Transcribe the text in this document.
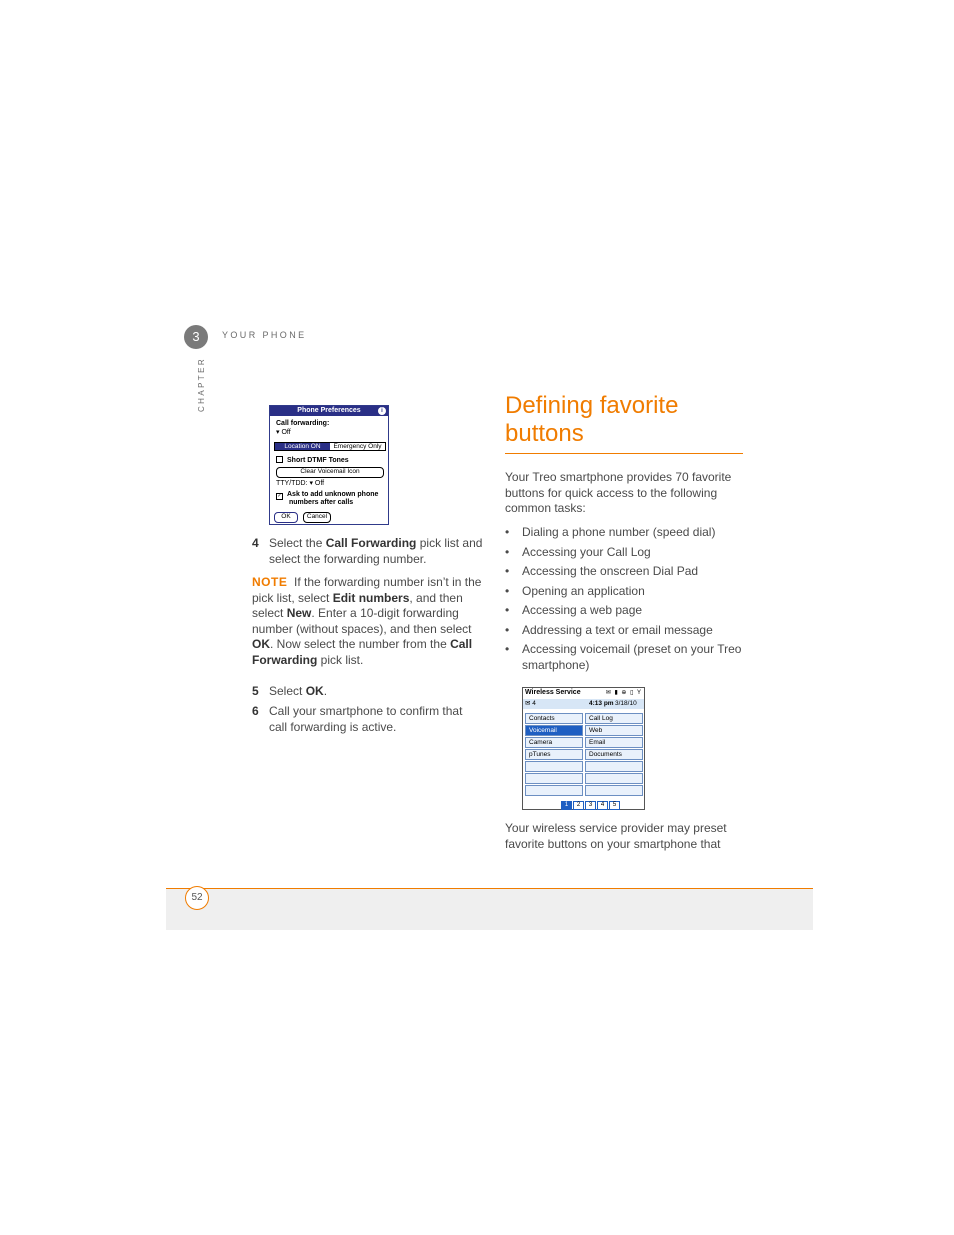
3	YOUR PHONE
CHAPTER	Phone Preferences	i
Call forwarding:
▾ Off
Location ON	Emergency Only
Short DTMF Tones
Clear Voicemail Icon
TTY/TDD: ▾ Off
✓ Ask to add unknown phone
numbers after calls
OK	Cancel
4 Select the Call Forwarding pick list and select the forwarding number.
NOTE If the forwarding number isn’t in the pick list, select Edit numbers, and then select New. Enter a 10-digit forwarding number (without spaces), and then select OK. Now select the number from the Call Forwarding pick list.
5 Select OK.
6 Call your smartphone to confirm that call forwarding is active.
Defining favorite buttons
Your Treo smartphone provides 70 favorite buttons for quick access to the following common tasks:
• Dialing a phone number (speed dial)
• Accessing your Call Log
• Accessing the onscreen Dial Pad
• Opening an application
• Accessing a web page
• Addressing a text or email message
• Accessing voicemail (preset on your Treo smartphone)
Wireless Service	✉ ▮ ⊕ ▯ Y
✉ 4	4:13 pm 3/18/10
Contacts	Call Log
Voicemail	Web
Camera	Email
pTunes	Documents
1	2	3	4	5
Your wireless service provider may preset favorite buttons on your smartphone that
52
